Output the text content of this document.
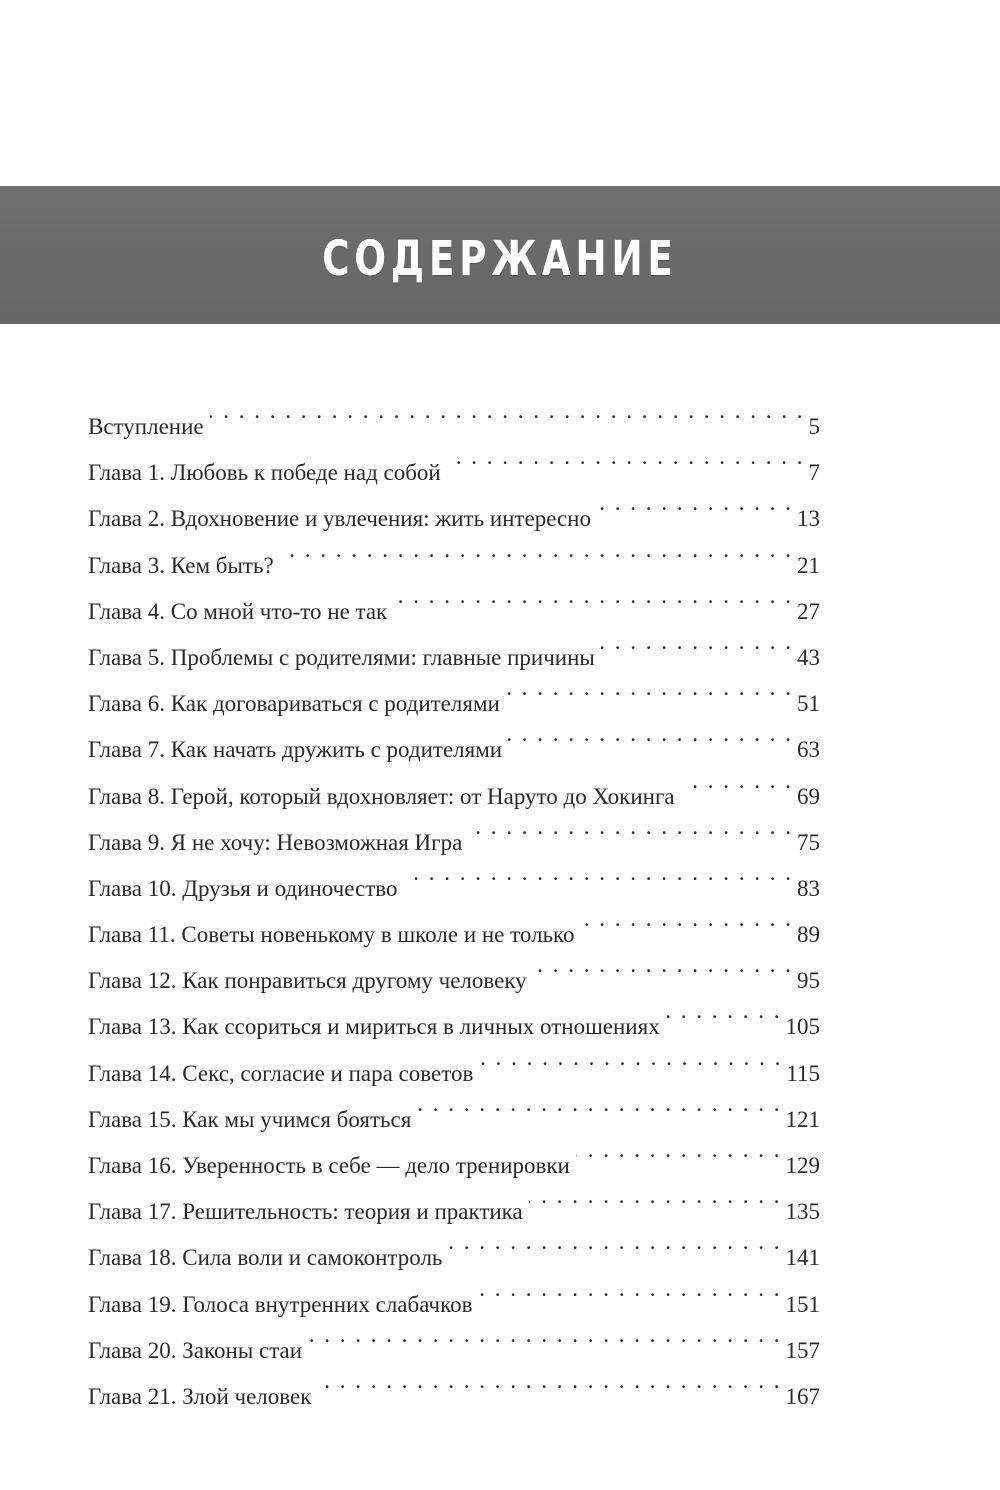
СОДЕРЖАНИЕ
Вступление . . .	5
Глава 1. Любовь к победе над собой . . .	7
Глава 2. Вдохновение и увлечения: жить интересно . . .	13
Глава 3. Кем быть? . . .	21
Глава 4. Со мной что-то не так . . .	27
Глава 5. Проблемы с родителями: главные причины . . .	43
Глава 6. Как договариваться с родителями . . .	51
Глава 7. Как начать дружить с родителями . . .	63
Глава 8. Герой, который вдохновляет: от Наруто до Хокинга . . .	69
Глава 9. Я не хочу: Невозможная Игра . . .	75
Глава 10. Друзья и одиночество . . .	83
Глава 11. Советы новенькому в школе и не только . . .	89
Глава 12. Как понравиться другому человеку . . .	95
Глава 13. Как ссориться и мириться в личных отношениях . . .	105
Глава 14. Секс, согласие и пара советов . . .	115
Глава 15. Как мы учимся бояться . . .	121
Глава 16. Уверенность в себе — дело тренировки . . .	129
Глава 17. Решительность: теория и практика . . .	135
Глава 18. Сила воли и самоконтроль . . .	141
Глава 19. Голоса внутренних слабачков . . .	151
Глава 20. Законы стаи . . .	157
Глава 21. Злой человек . . .	167
